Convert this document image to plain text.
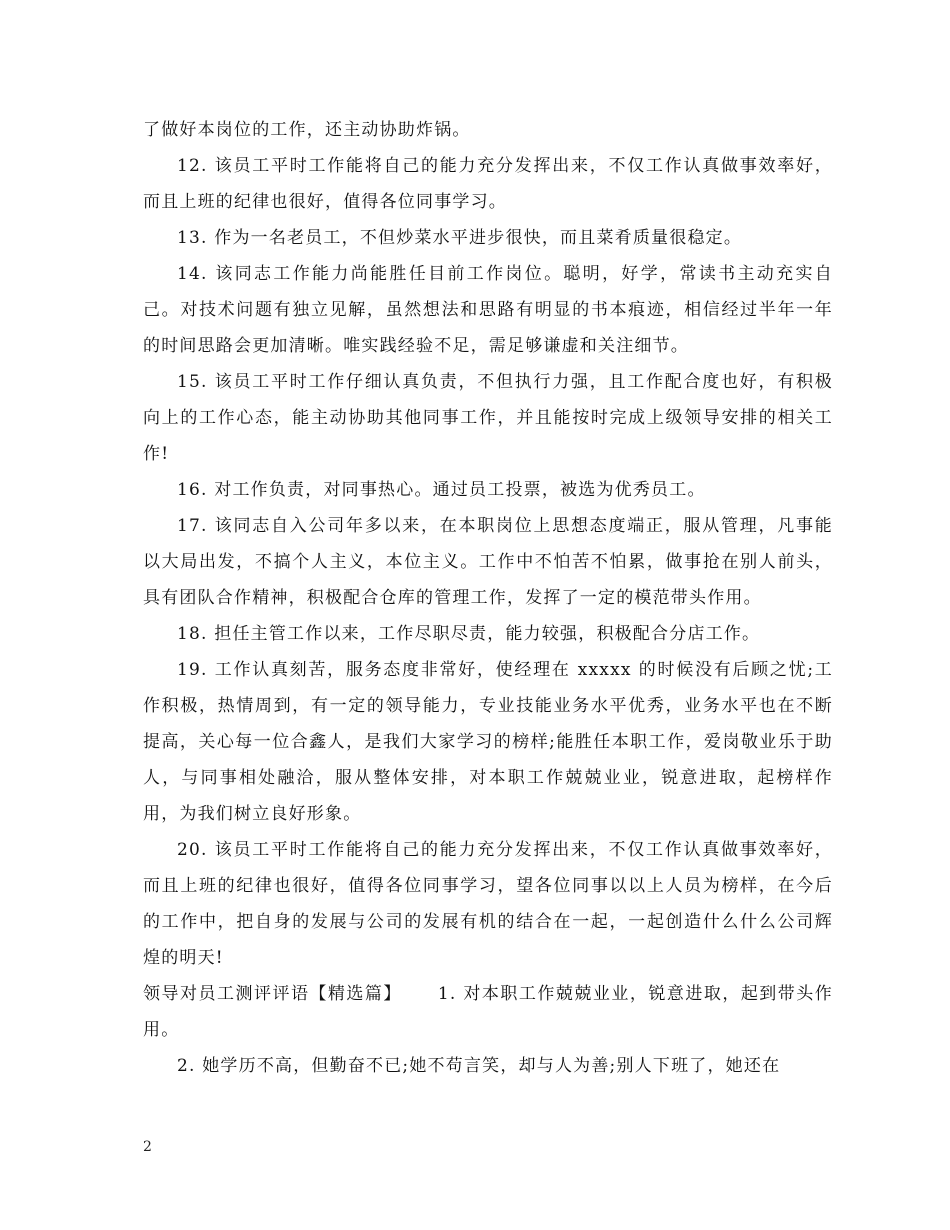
了做好本岗位的工作，还主动协助炸锅。

12. 该员工平时工作能将自己的能力充分发挥出来，不仅工作认真做事效率好，而且上班的纪律也很好，值得各位同事学习。

13. 作为一名老员工，不但炒菜水平进步很快，而且菜肴质量很稳定。

14. 该同志工作能力尚能胜任目前工作岗位。聪明，好学，常读书主动充实自己。对技术问题有独立见解，虽然想法和思路有明显的书本痕迹，相信经过半年一年的时间思路会更加清晰。唯实践经验不足，需足够谦虚和关注细节。

15. 该员工平时工作仔细认真负责，不但执行力强，且工作配合度也好，有积极向上的工作心态，能主动协助其他同事工作，并且能按时完成上级领导安排的相关工作!

16. 对工作负责，对同事热心。通过员工投票，被选为优秀员工。

17. 该同志自入公司年多以来，在本职岗位上思想态度端正，服从管理，凡事能以大局出发，不搞个人主义，本位主义。工作中不怕苦不怕累，做事抢在别人前头，具有团队合作精神，积极配合仓库的管理工作，发挥了一定的模范带头作用。

18. 担任主管工作以来，工作尽职尽责，能力较强，积极配合分店工作。

19. 工作认真刻苦，服务态度非常好，使经理在 xxxxx 的时候没有后顾之忧;工作积极，热情周到，有一定的领导能力，专业技能业务水平优秀，业务水平也在不断提高，关心每一位合鑫人，是我们大家学习的榜样;能胜任本职工作，爱岗敬业乐于助人，与同事相处融洽，服从整体安排，对本职工作兢兢业业，锐意进取，起榜样作用，为我们树立良好形象。

20. 该员工平时工作能将自己的能力充分发挥出来，不仅工作认真做事效率好，而且上班的纪律也很好，值得各位同事学习，望各位同事以以上人员为榜样，在今后的工作中，把自身的发展与公司的发展有机的结合在一起，一起创造什么什么公司辉煌的明天!

领导对员工测评评语【精选篇】 1. 对本职工作兢兢业业，锐意进取，起到带头作用。

2. 她学历不高，但勤奋不已;她不苟言笑，却与人为善;别人下班了，她还在

2
